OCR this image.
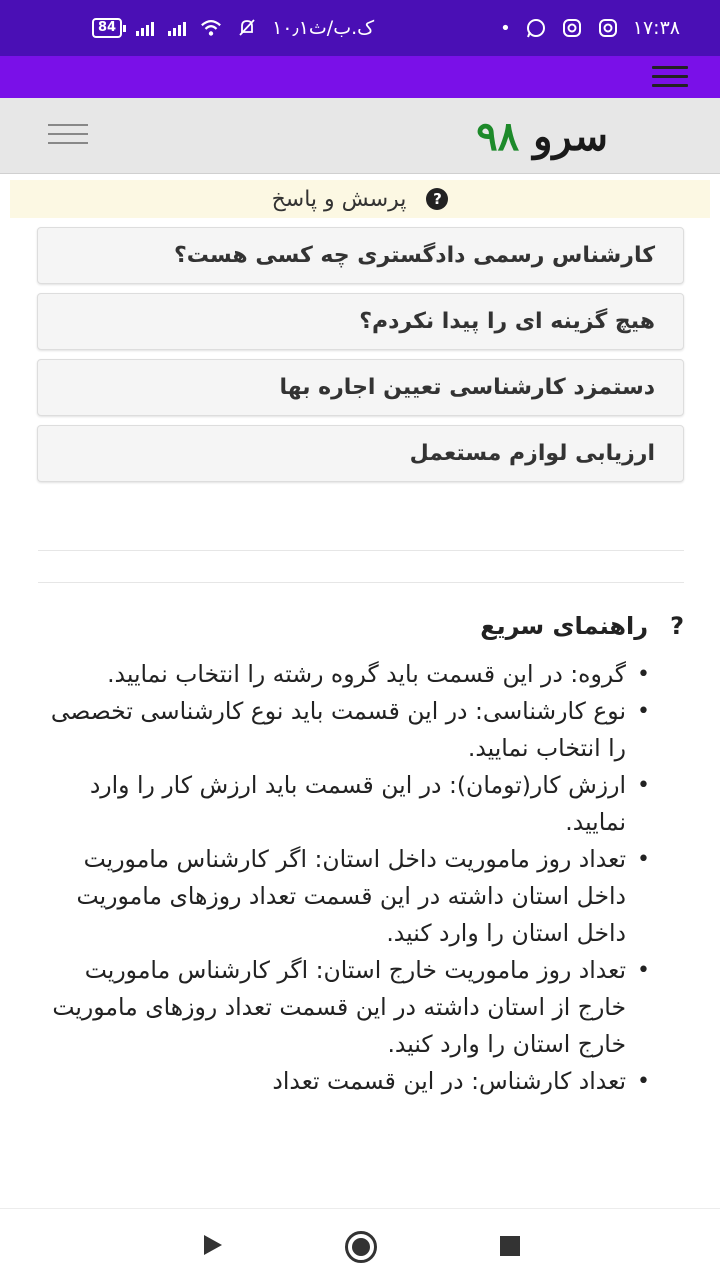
84	۱۰٫۱ک.ب/ث	•	۱۷:۳۸
سرو ۹۸
?
پرسش و پاسخ
کارشناس رسمی دادگستری چه کسی هست؟
هیچ گزینه ای را پیدا نکردم؟
دستمزد کارشناسی تعیین اجاره بها
ارزیابی لوازم مستعمل
?
راهنمای سریع
• گروه: در این قسمت باید گروه رشته را انتخاب نمایید.
• نوع کارشناسی: در این قسمت باید نوع کارشناسی تخصصی را انتخاب نمایید.
• ارزش کار(تومان): در این قسمت باید ارزش کار را وارد نمایید.
• تعداد روز ماموریت داخل استان: اگر کارشناس ماموریت داخل استان داشته در این قسمت تعداد روزهای ماموریت داخل استان را وارد کنید.
• تعداد روز ماموریت خارج استان: اگر کارشناس ماموریت خارج از استان داشته در این قسمت تعداد روزهای ماموریت خارج استان را وارد کنید.
• تعداد کارشناس: در این قسمت تعداد
